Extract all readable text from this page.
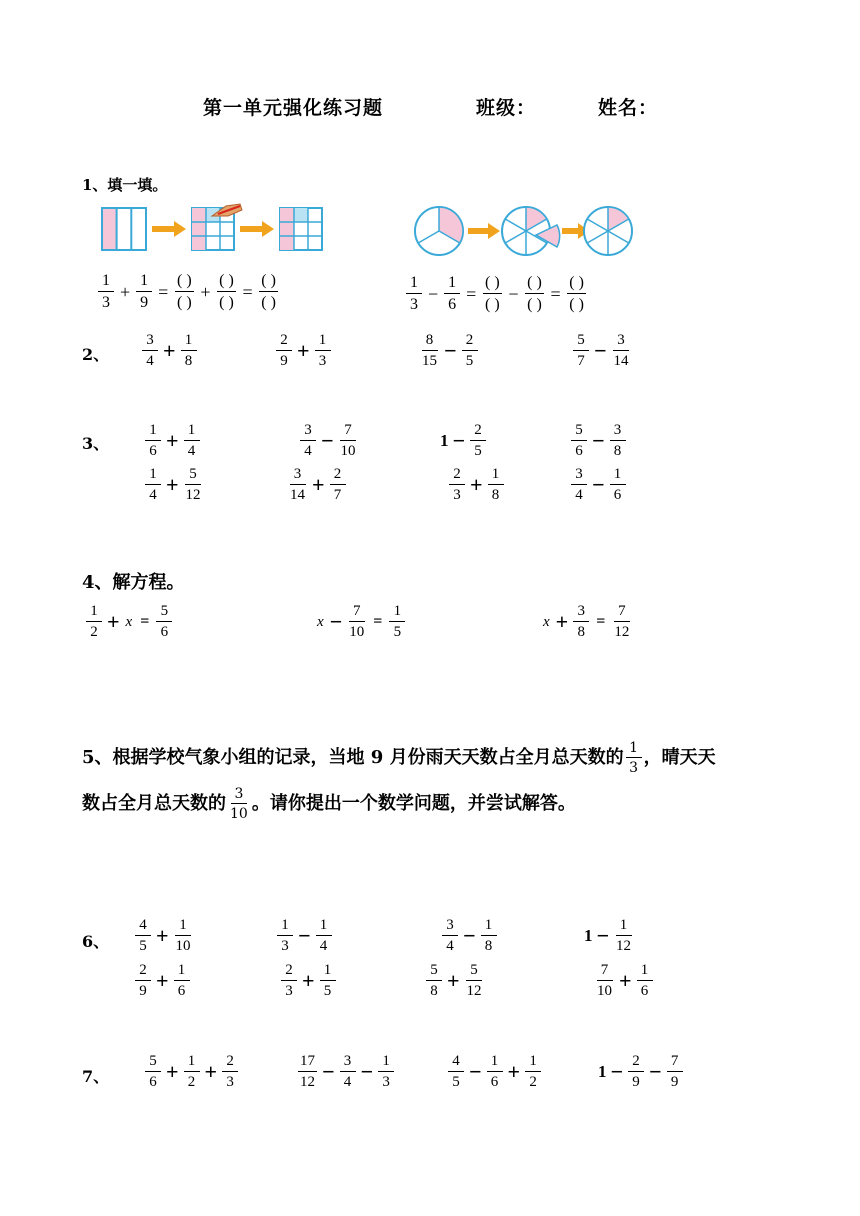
第一单元强化练习题	班级：	姓名：
1、填一填。
$\frac{1}{3} + \frac{1}{9} = \frac{( )}{( )} + \frac{( )}{( )} = \frac{( )}{( )}$	$\frac{1}{3} - \frac{1}{6} = \frac{( )}{( )} - \frac{( )}{( )} = \frac{( )}{( )}$
2、 $\frac{3}{4} + \frac{1}{8}$	$\frac{2}{9} + \frac{1}{3}$	$\frac{8}{15} - \frac{2}{5}$	$\frac{5}{7} - \frac{3}{14}$
3、 $\frac{1}{6} + \frac{1}{4}$	$\frac{3}{4} - \frac{7}{10}$	$1 - \frac{2}{5}$	$\frac{5}{6} - \frac{3}{8}$
$\frac{1}{4} + \frac{5}{12}$	$\frac{3}{14} + \frac{2}{7}$	$\frac{2}{3} + \frac{1}{8}$	$\frac{3}{4} - \frac{1}{6}$
4、解方程。
$\frac{1}{2} + x = \frac{5}{6}$	$x - \frac{7}{10} = \frac{1}{5}$	$x + \frac{3}{8} = \frac{7}{12}$
5、根据学校气象小组的记录，当地 9 月份雨天天数占全月总天数的 $\frac{1}{3}$ ，晴天天
数占全月总天数的 $\frac{3}{10}$ 。请你提出一个数学问题，并尝试解答。
6、 $\frac{4}{5} + \frac{1}{10}$	$\frac{1}{3} - \frac{1}{4}$	$\frac{3}{4} - \frac{1}{8}$	$1 - \frac{1}{12}$
$\frac{2}{9} + \frac{1}{6}$	$\frac{2}{3} + \frac{1}{5}$	$\frac{5}{8} + \frac{5}{12}$	$\frac{7}{10} + \frac{1}{6}$
7、 $\frac{5}{6} + \frac{1}{2} + \frac{2}{3}$	$\frac{17}{12} - \frac{3}{4} - \frac{1}{3}$	$\frac{4}{5} - \frac{1}{6} + \frac{1}{2}$	$1 - \frac{2}{9} - \frac{7}{9}$
